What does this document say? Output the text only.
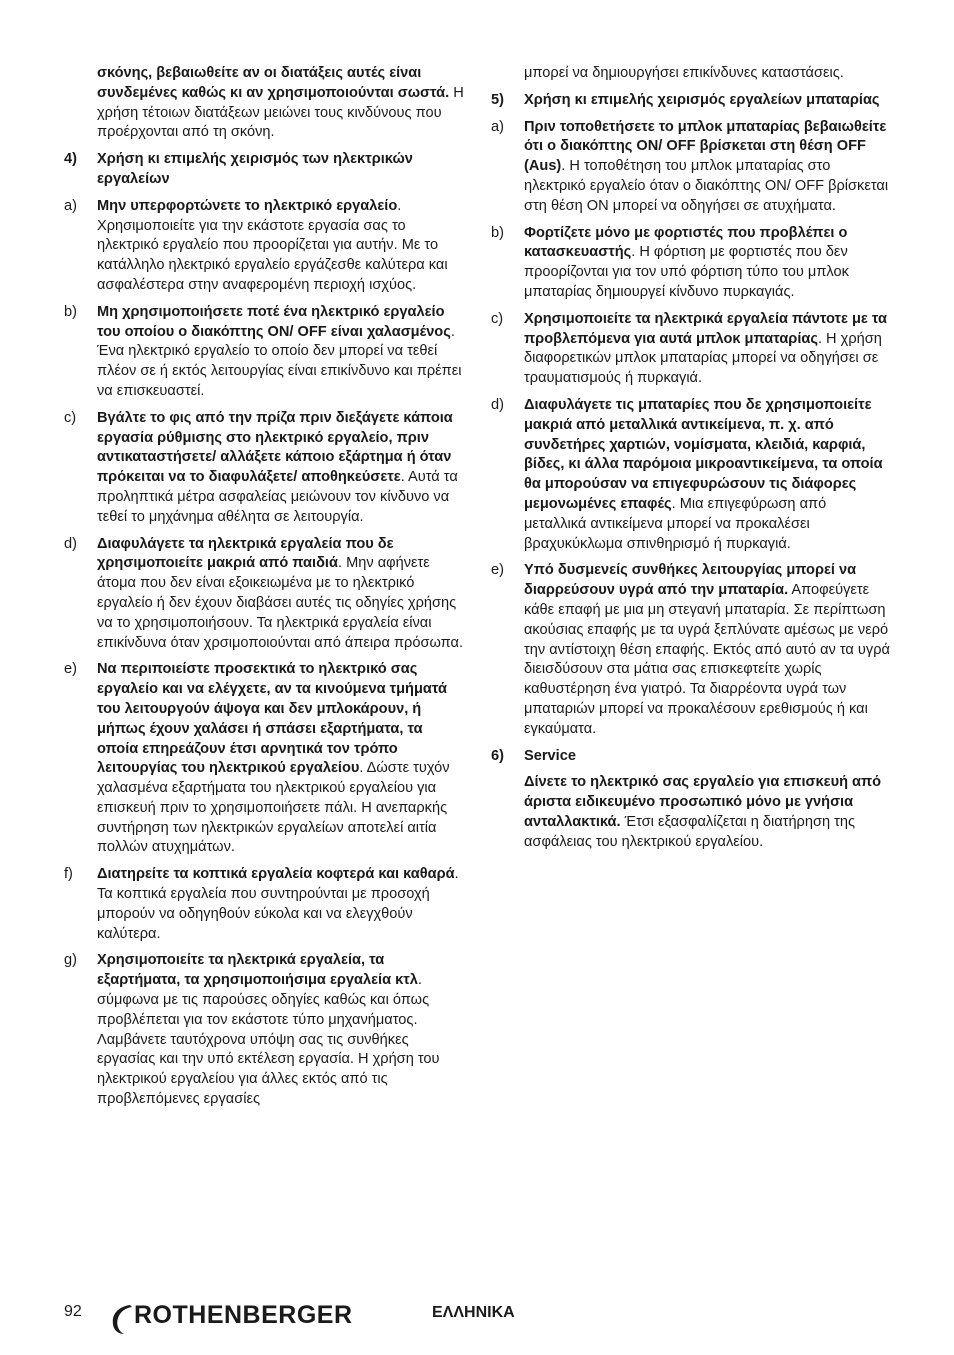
σκόνης, βεβαιωθείτε αν οι διατάξεις αυτές είναι συνδεμένες καθώς κι αν χρησιμοποιούνται σωστά. Η χρήση τέτοιων διατάξεων μειώνει τους κινδύνους που προέρχονται από τη σκόνη.
4) Χρήση κι επιμελής χειρισμός των ηλεκτρικών εργαλείων
a) Μην υπερφορτώνετε το ηλεκτρικό εργαλείο. Χρησιμοποιείτε για την εκάστοτε εργασία σας το ηλεκτρικό εργαλείο που προορίζεται για αυτήν. Με το κατάλληλο ηλεκτρικό εργαλείο εργάζεσθε καλύτερα και ασφαλέστερα στην αναφερομένη περιοχή ισχύος.
b) Μη χρησιμοποιήσετε ποτέ ένα ηλεκτρικό εργαλείο του οποίου ο διακόπτης ON/ OFF είναι χαλασμένος. Ένα ηλεκτρικό εργαλείο το οποίο δεν μπορεί να τεθεί πλέον σε ή εκτός λειτουργίας είναι επικίνδυνο και πρέπει να επισκευαστεί.
c) Βγάλτε το φις από την πρίζα πριν διεξάγετε κάποια εργασία ρύθμισης στο ηλεκτρικό εργαλείο, πριν αντικαταστήσετε/ αλλάξετε κάποιο εξάρτημα ή όταν πρόκειται να το διαφυλάξετε/ αποθηκεύσετε. Αυτά τα προληπτικά μέτρα ασφαλείας μειώνουν τον κίνδυνο να τεθεί το μηχάνημα αθέλητα σε λειτουργία.
d) Διαφυλάγετε τα ηλεκτρικά εργαλεία που δε χρησιμοποιείτε μακριά από παιδιά. Μην αφήνετε άτομα που δεν είναι εξοικειωμένα με το ηλεκτρικό εργαλείο ή δεν έχουν διαβάσει αυτές τις οδηγίες χρήσης να το χρησιμοποιήσουν. Τα ηλεκτρικά εργαλεία είναι επικίνδυνα όταν χρσιμοποιούνται από άπειρα πρόσωπα.
e) Να περιποιείστε προσεκτικά το ηλεκτρικό σας εργαλείο και να ελέγχετε, αν τα κινούμενα τμήματά του λειτουργούν άψογα και δεν μπλοκάρουν, ή μήπως έχουν χαλάσει ή σπάσει εξαρτήματα, τα οποία επηρεάζουν έτσι αρνητικά τον τρόπο λειτουργίας του ηλεκτρικού εργαλείου. Δώστε τυχόν χαλασμένα εξαρτήματα του ηλεκτρικού εργαλείου για επισκευή πριν το χρησιμοποιήσετε πάλι. Η ανεπαρκής συντήρηση των ηλεκτρικών εργαλείων αποτελεί αιτία πολλών ατυχημάτων.
f) Διατηρείτε τα κοπτικά εργαλεία κοφτερά και καθαρά. Τα κοπτικά εργαλεία που συντηρούνται με προσοχή μπορούν να οδηγηθούν εύκολα και να ελεγχθούν καλύτερα.
g) Χρησιμοποιείτε τα ηλεκτρικά εργαλεία, τα εξαρτήματα, τα χρησιμοποιήσιμα εργαλεία κτλ. σύμφωνα με τις παρούσες οδηγίες καθώς και όπως προβλέπεται για τον εκάστοτε τύπο μηχανήματος. Λαμβάνετε ταυτόχρονα υπόψη σας τις συνθήκες εργασίας και την υπό εκτέλεση εργασία. Η χρήση του ηλεκτρικού εργαλείου για άλλες εκτός από τις προβλεπόμενες εργασίες
μπορεί να δημιουργήσει επικίνδυνες καταστάσεις.
5) Χρήση κι επιμελής χειρισμός εργαλείων μπαταρίας
a) Πριν τοποθετήσετε το μπλοκ μπαταρίας βεβαιωθείτε ότι ο διακόπτης ON/ OFF βρίσκεται στη θέση OFF (Aus). Η τοποθέτηση του μπλοκ μπαταρίας στο ηλεκτρικό εργαλείο όταν ο διακόπτης ON/ OFF βρίσκεται στη θέση ON μπορεί να οδηγήσει σε ατυχήματα.
b) Φορτίζετε μόνο με φορτιστές που προβλέπει ο κατασκευαστής. Η φόρτιση με φορτιστές που δεν προορίζονται για τον υπό φόρτιση τύπο του μπλοκ μπαταρίας δημιουργεί κίνδυνο πυρκαγιάς.
c) Χρησιμοποιείτε τα ηλεκτρικά εργαλεία πάντοτε με τα προβλεπόμενα για αυτά μπλοκ μπαταρίας. Η χρήση διαφορετικών μπλοκ μπαταρίας μπορεί να οδηγήσει σε τραυματισμούς ή πυρκαγιά.
d) Διαφυλάγετε τις μπαταρίες που δε χρησιμοποιείτε μακριά από μεταλλικά αντικείμενα, π. χ. από συνδετήρες χαρτιών, νομίσματα, κλειδιά, καρφιά, βίδες, κι άλλα παρόμοια μικροαντικείμενα, τα οποία θα μπορούσαν να επιγεφυρώσουν τις διάφορες μεμονωμένες επαφές. Μια επιγεφύρωση από μεταλλικά αντικείμενα μπορεί να προκαλέσει βραχυκύκλωμα σπινθηρισμό ή πυρκαγιά.
e) Υπό δυσμενείς συνθήκες λειτουργίας μπορεί να διαρρεύσουν υγρά από την μπαταρία. Αποφεύγετε κάθε επαφή με μια μη στεγανή μπαταρία. Σε περίπτωση ακούσιας επαφής με τα υγρά ξεπλύνατε αμέσως με νερό την αντίστοιχη θέση επαφής. Εκτός από αυτό αν τα υγρά διεισδύσουν στα μάτια σας επισκεφτείτε χωρίς καθυστέρηση ένα γιατρό. Τα διαρρέοντα υγρά των μπαταριών μπορεί να προκαλέσουν ερεθισμούς ή και εγκαύματα.
6) Service
Δίνετε το ηλεκτρικό σας εργαλείο για επισκευή από άριστα ειδικευμένο προσωπικό μόνο με γνήσια ανταλλακτικά. Έτσι εξασφαλίζεται η διατήρηση της ασφάλειας του ηλεκτρικού εργαλείου.
92 ROTHENBERGER	ΕΛΛΗΝΙΚΑ
